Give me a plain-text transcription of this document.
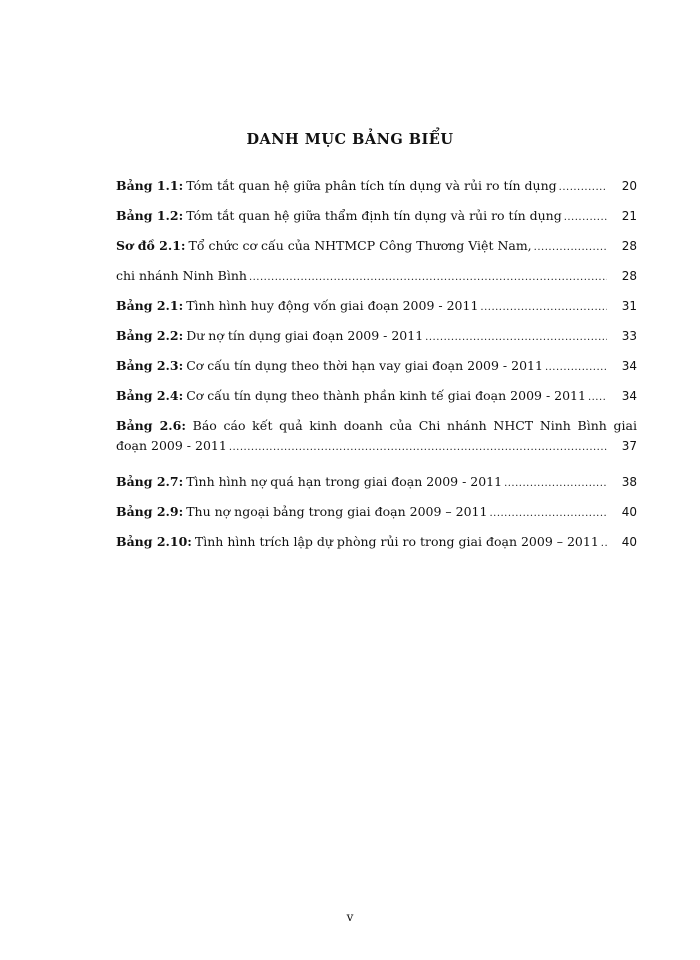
DANH MỤC BẢNG BIỂU
Bảng 1.1: Tóm tắt quan hệ giữa phân tích tín dụng và rủi ro tín dụng .....	20
Bảng 1.2: Tóm tắt quan hệ giữa thẩm định tín dụng và rủi ro tín dụng .....	21
Sơ đồ 2.1: Tổ chức cơ cấu của NHTMCP Công Thương Việt Nam, .....	28
chi nhánh Ninh Bình .....	28
Bảng 2.1: Tình hình huy động vốn giai đoạn 2009 - 2011 .....	31
Bảng 2.2: Dư nợ tín dụng giai đoạn 2009 - 2011 .....	33
Bảng 2.3: Cơ cấu tín dụng theo thời hạn vay giai đoạn 2009 - 2011 .....	34
Bảng 2.4: Cơ cấu tín dụng theo thành phần kinh tế giai đoạn 2009 - 2011 .....	34
Bảng 2.6: Báo cáo kết quả kinh doanh của Chi nhánh NHCT Ninh Bình giai
đoạn 2009 - 2011 .....	37
Bảng 2.7: Tình hình nợ quá hạn trong giai đoạn 2009 - 2011 .....	38
Bảng 2.9: Thu nợ ngoại bảng trong giai đoạn 2009 – 2011 .....	40
Bảng 2.10: Tình hình trích lập dự phòng rủi ro trong giai đoạn 2009 – 2011 .....	40
v
